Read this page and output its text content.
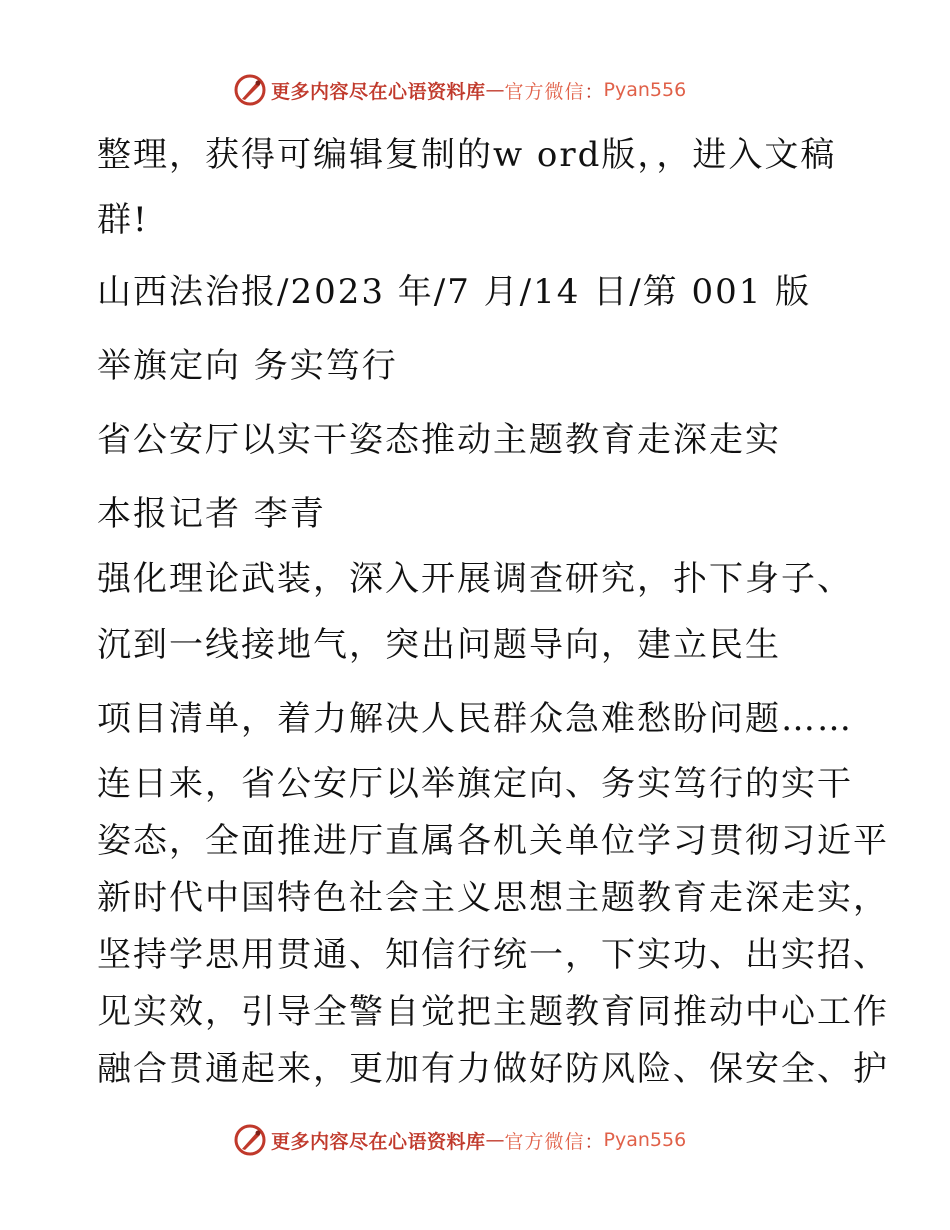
更多内容尽在心语资料库 — 官方微信 ： Pyan556
整理，获得可编辑复制的w ord版，，进入文稿
群!
山西法治报/2023 年/7 月/14 日/第 001 版
举旗定向 务实笃行
省公安厅以实干姿态推动主题教育走深走实
本报记者 李青
强化理论武装，深入开展调查研究，扑下身子、
沉到一线接地气，突出问题导向，建立民生
项目清单，着力解决人民群众急难愁盼问题……
连日来，省公安厅以举旗定向、务实笃行的实干
姿态，全面推进厅直属各机关单位学习贯彻习近平
新时代中国特色社会主义思想主题教育走深走实，
坚持学思用贯通、知信行统一，下实功、出实招、
见实效，引导全警自觉把主题教育同推动中心工作
融合贯通起来，更加有力做好防风险、保安全、护
更多内容尽在心语资料库 — 官方微信 ： Pyan556
